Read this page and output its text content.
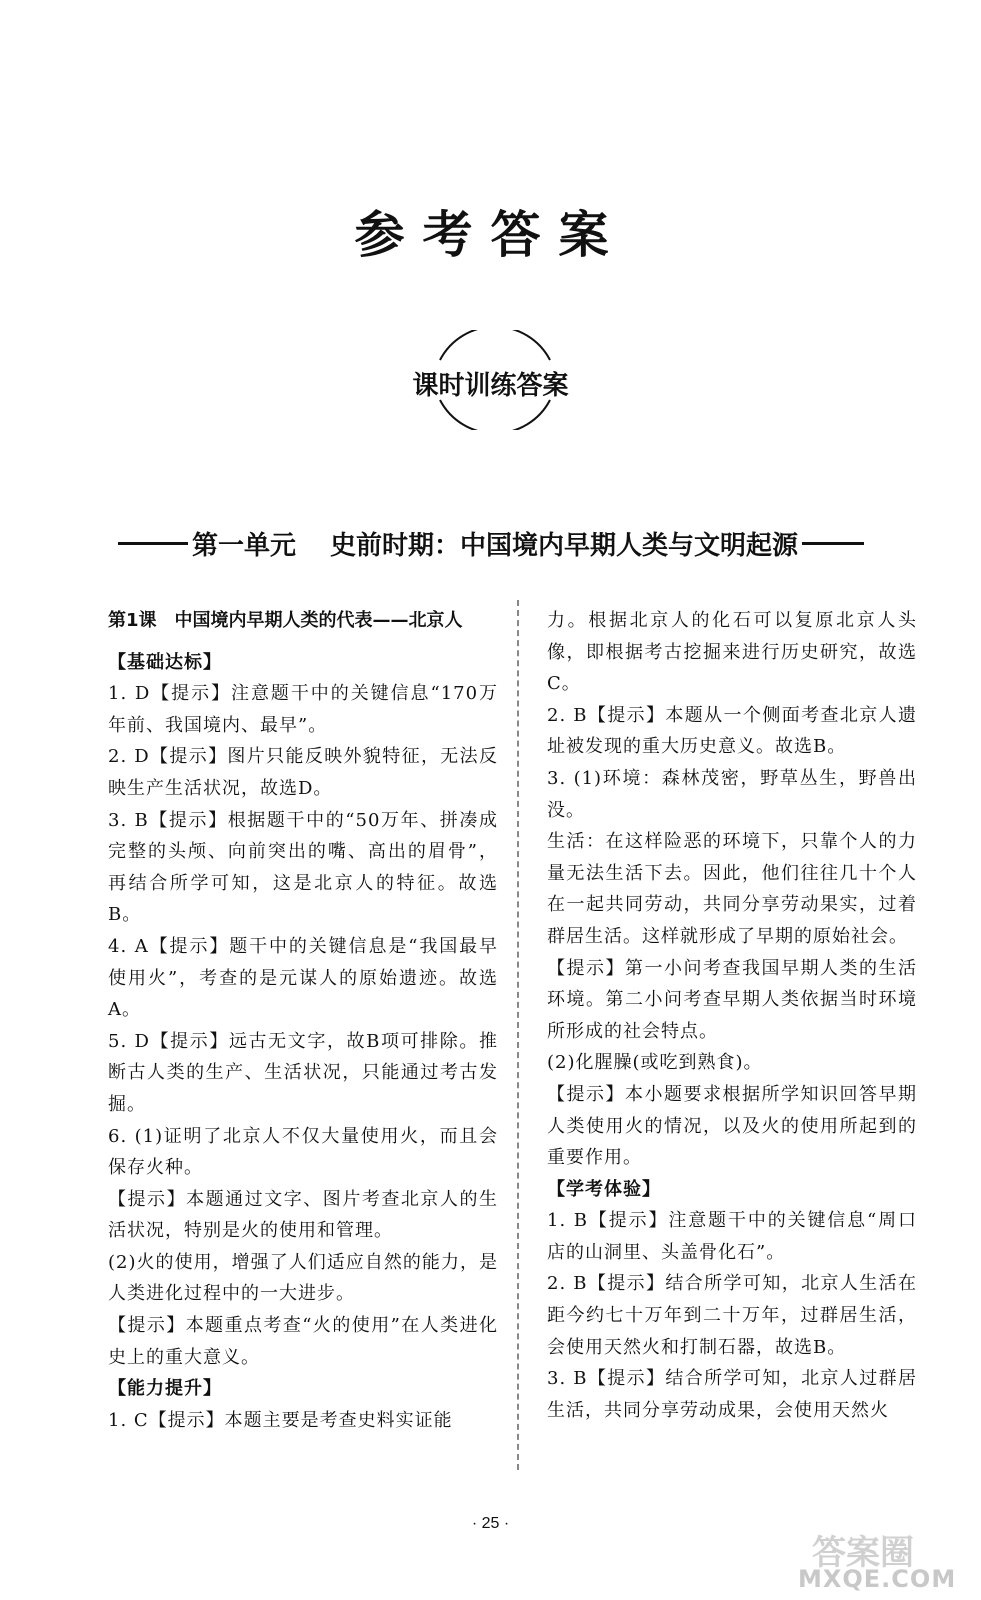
参考答案
课时训练答案
第一单元 史前时期：中国境内早期人类与文明起源
第1课　中国境内早期人类的代表——北京人
【基础达标】
1. D【提示】注意题干中的关键信息“170万年前、我国境内、最早”。
2. D【提示】图片只能反映外貌特征，无法反映生产生活状况，故选D。
3. B【提示】根据题干中的“50万年、拼凑成完整的头颅、向前突出的嘴、高出的眉骨”，再结合所学可知，这是北京人的特征。故选B。
4. A【提示】题干中的关键信息是“我国最早使用火”，考查的是元谋人的原始遗迹。故选A。
5. D【提示】远古无文字，故B项可排除。推断古人类的生产、生活状况，只能通过考古发掘。
6. (1)证明了北京人不仅大量使用火，而且会保存火种。
【提示】本题通过文字、图片考查北京人的生活状况，特别是火的使用和管理。
(2)火的使用，增强了人们适应自然的能力，是人类进化过程中的一大进步。
【提示】本题重点考查“火的使用”在人类进化史上的重大意义。
【能力提升】
1. C【提示】本题主要是考查史料实证能
力。根据北京人的化石可以复原北京人头像，即根据考古挖掘来进行历史研究，故选C。
2. B【提示】本题从一个侧面考查北京人遗址被发现的重大历史意义。故选B。
3. (1)环境：森林茂密，野草丛生，野兽出没。
生活：在这样险恶的环境下，只靠个人的力量无法生活下去。因此，他们往往几十个人在一起共同劳动，共同分享劳动果实，过着群居生活。这样就形成了早期的原始社会。
【提示】第一小问考查我国早期人类的生活环境。第二小问考查早期人类依据当时环境所形成的社会特点。
(2)化腥臊(或吃到熟食)。
【提示】本小题要求根据所学知识回答早期人类使用火的情况，以及火的使用所起到的重要作用。
【学考体验】
1. B【提示】注意题干中的关键信息“周口店的山洞里、头盖骨化石”。
2. B【提示】结合所学可知，北京人生活在距今约七十万年到二十万年，过群居生活，会使用天然火和打制石器，故选B。
3. B【提示】结合所学可知，北京人过群居生活，共同分享劳动成果，会使用天然火
· 25 ·
答案圈
MXQE.COM
